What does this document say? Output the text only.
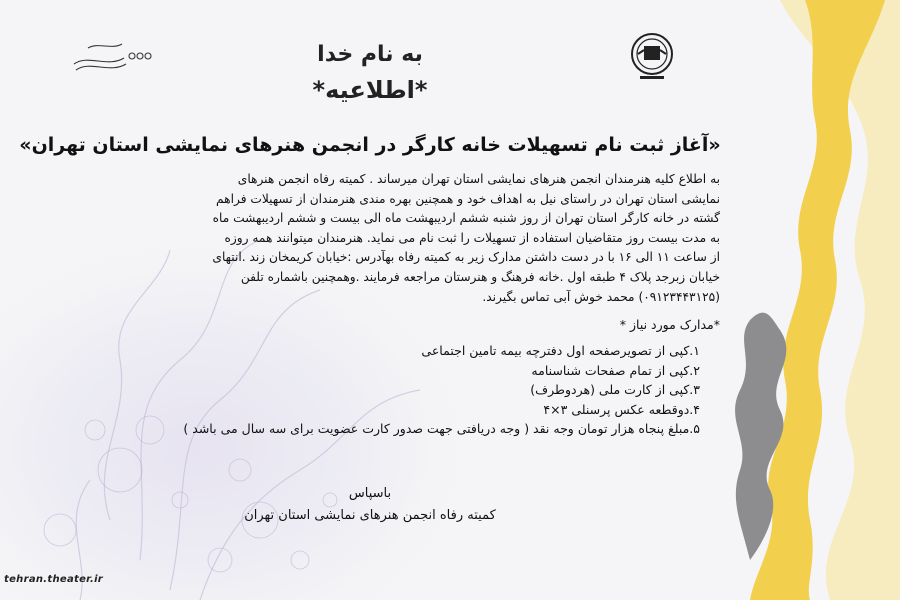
به نام خدا
*اطلاعیه*
«آغاز ثبت نام تسهیلات خانه کارگر در انجمن هنرهای نمایشی استان تهران»

به اطلاع کلیه هنرمندان انجمن هنرهای نمایشی استان تهران میرساند . کمیته رفاه انجمن هنرهای

نمایشی استان تهران در راستای نیل به اهداف خود و همچنین بهره مندی هنرمندان از تسهیلات فراهم

گشته در خانه کارگر استان تهران از روز شنبه ششم اردیبهشت ماه الی بیست و ششم اردیبهشت ماه

به مدت بیست روز متقاضیان استفاده از تسهیلات را ثبت نام می نماید. هنرمندان میتوانند همه روزه

از ساعت ۱۱ الی ۱۶ با در دست داشتن مدارک زیر به کمیته رفاه بهآدرس :خیابان کریمخان زند .انتهای

خیابان زبرجد پلاک ۴ طبقه اول .خانه فرهنگ و هنرستان مراجعه فرمایند .وهمچنین باشماره تلفن

(۰۹۱۲۳۴۴۳۱۲۵) محمد خوش آبی تماس بگیرند.

*مدارک مورد نیاز *
۱.کپی از تصویرصفحه اول دفترچه بیمه تامین اجتماعی
۲.کپی از تمام صفحات شناسنامه
۳.کپی از کارت ملی (هردوطرف)
۴.دوقطعه عکس پرسنلی ۳×۴
۵.مبلغ پنجاه هزار تومان وجه نقد ( وجه دریافتی جهت صدور کارت عضویت برای سه سال می باشد )
باسپاس
کمیته رفاه انجمن هنرهای نمایشی استان تهران
tehran.theater.ir
